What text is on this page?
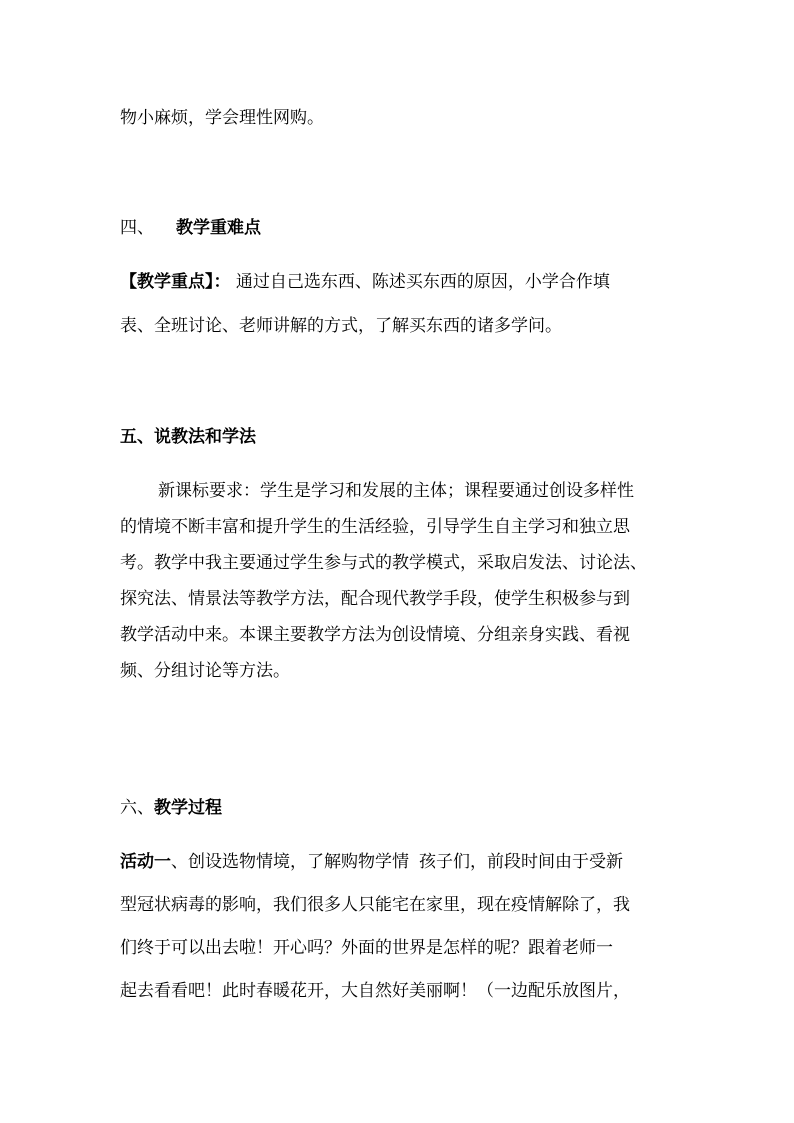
物小麻烦，学会理性网购。
四、 教学重难点
【教学重点】： 通过自己选东西、陈述买东西的原因，小学合作填
表、全班讨论、老师讲解的方式，了解买东西的诸多学问。
五、说教法和学法
新课标要求：学生是学习和发展的主体；课程要通过创设多样性
的情境不断丰富和提升学生的生活经验，引导学生自主学习和独立思
考。教学中我主要通过学生参与式的教学模式，采取启发法、讨论法、
探究法、情景法等教学方法，配合现代教学手段，使学生积极参与到
教学活动中来。本课主要教学方法为创设情境、分组亲身实践、看视
频、分组讨论等方法。
六、教学过程
活动一、创设选物情境，了解购物学情 孩子们，前段时间由于受新
型冠状病毒的影响，我们很多人只能宅在家里，现在疫情解除了，我
们终于可以出去啦！开心吗？外面的世界是怎样的呢？跟着老师一
起去看看吧！此时春暖花开，大自然好美丽啊！（一边配乐放图片，
